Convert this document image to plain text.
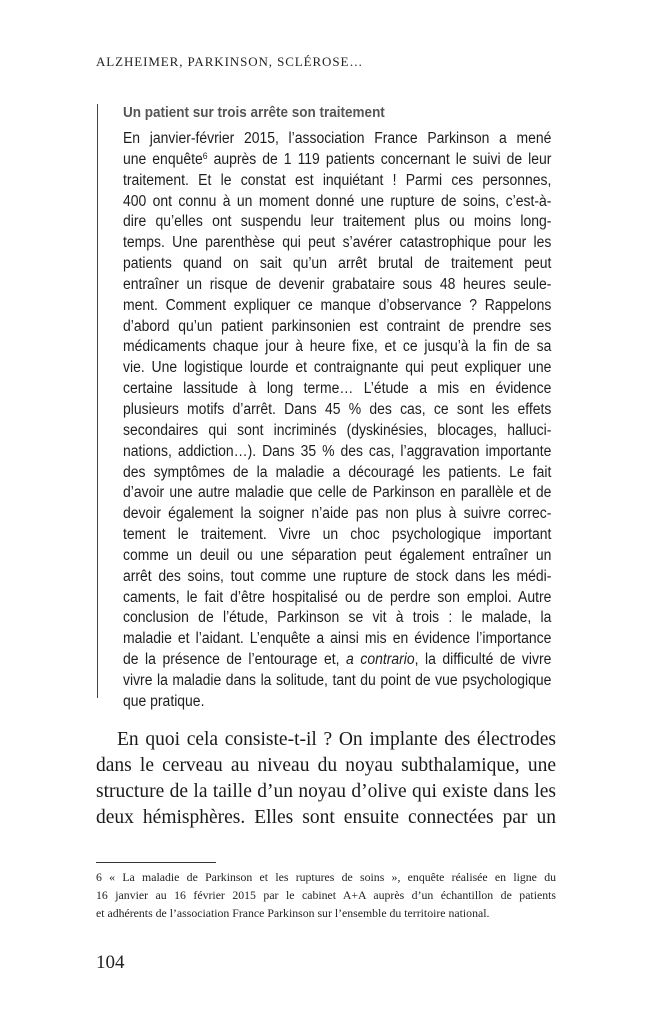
ALZHEIMER, PARKINSON, SCLÉROSE…
Un patient sur trois arrête son traitement
En janvier-février 2015, l’association France Parkinson a mené
une enquête$^6$ auprès de 1 119 patients concernant le suivi de leur
traitement. Et le constat est inquiétant ! Parmi ces personnes,
400 ont connu à un moment donné une rupture de soins, c’est-à-
dire qu’elles ont suspendu leur traitement plus ou moins long-
temps. Une parenthèse qui peut s’avérer catastrophique pour les
patients quand on sait qu’un arrêt brutal de traitement peut
entraîner un risque de devenir grabataire sous 48 heures seule-
ment. Comment expliquer ce manque d’observance ? Rappelons
d’abord qu’un patient parkinsonien est contraint de prendre ses
médicaments chaque jour à heure fixe, et ce jusqu’à la fin de sa
vie. Une logistique lourde et contraignante qui peut expliquer une
certaine lassitude à long terme… L’étude a mis en évidence
plusieurs motifs d’arrêt. Dans 45 % des cas, ce sont les effets
secondaires qui sont incriminés (dyskinésies, blocages, halluci-
nations, addiction…). Dans 35 % des cas, l’aggravation importante
des symptômes de la maladie a découragé les patients. Le fait
d’avoir une autre maladie que celle de Parkinson en parallèle et de
devoir également la soigner n’aide pas non plus à suivre correc-
tement le traitement. Vivre un choc psychologique important
comme un deuil ou une séparation peut également entraîner un
arrêt des soins, tout comme une rupture de stock dans les médi-
caments, le fait d’être hospitalisé ou de perdre son emploi. Autre
conclusion de l’étude, Parkinson se vit à trois : le malade, la
maladie et l’aidant. L’enquête a ainsi mis en évidence l’importance
de la présence de l’entourage et, a contrario, la difficulté de vivre
vivre la maladie dans la solitude, tant du point de vue psychologique
que pratique.
En quoi cela consiste-t-il ? On implante des électrodes
dans le cerveau au niveau du noyau subthalamique, une
structure de la taille d’un noyau d’olive qui existe dans les
deux hémisphères. Elles sont ensuite connectées par un
6 « La maladie de Parkinson et les ruptures de soins », enquête réalisée en ligne du
16 janvier au 16 février 2015 par le cabinet A+A auprès d’un échantillon de patients
et adhérents de l’association France Parkinson sur l’ensemble du territoire national.
104
